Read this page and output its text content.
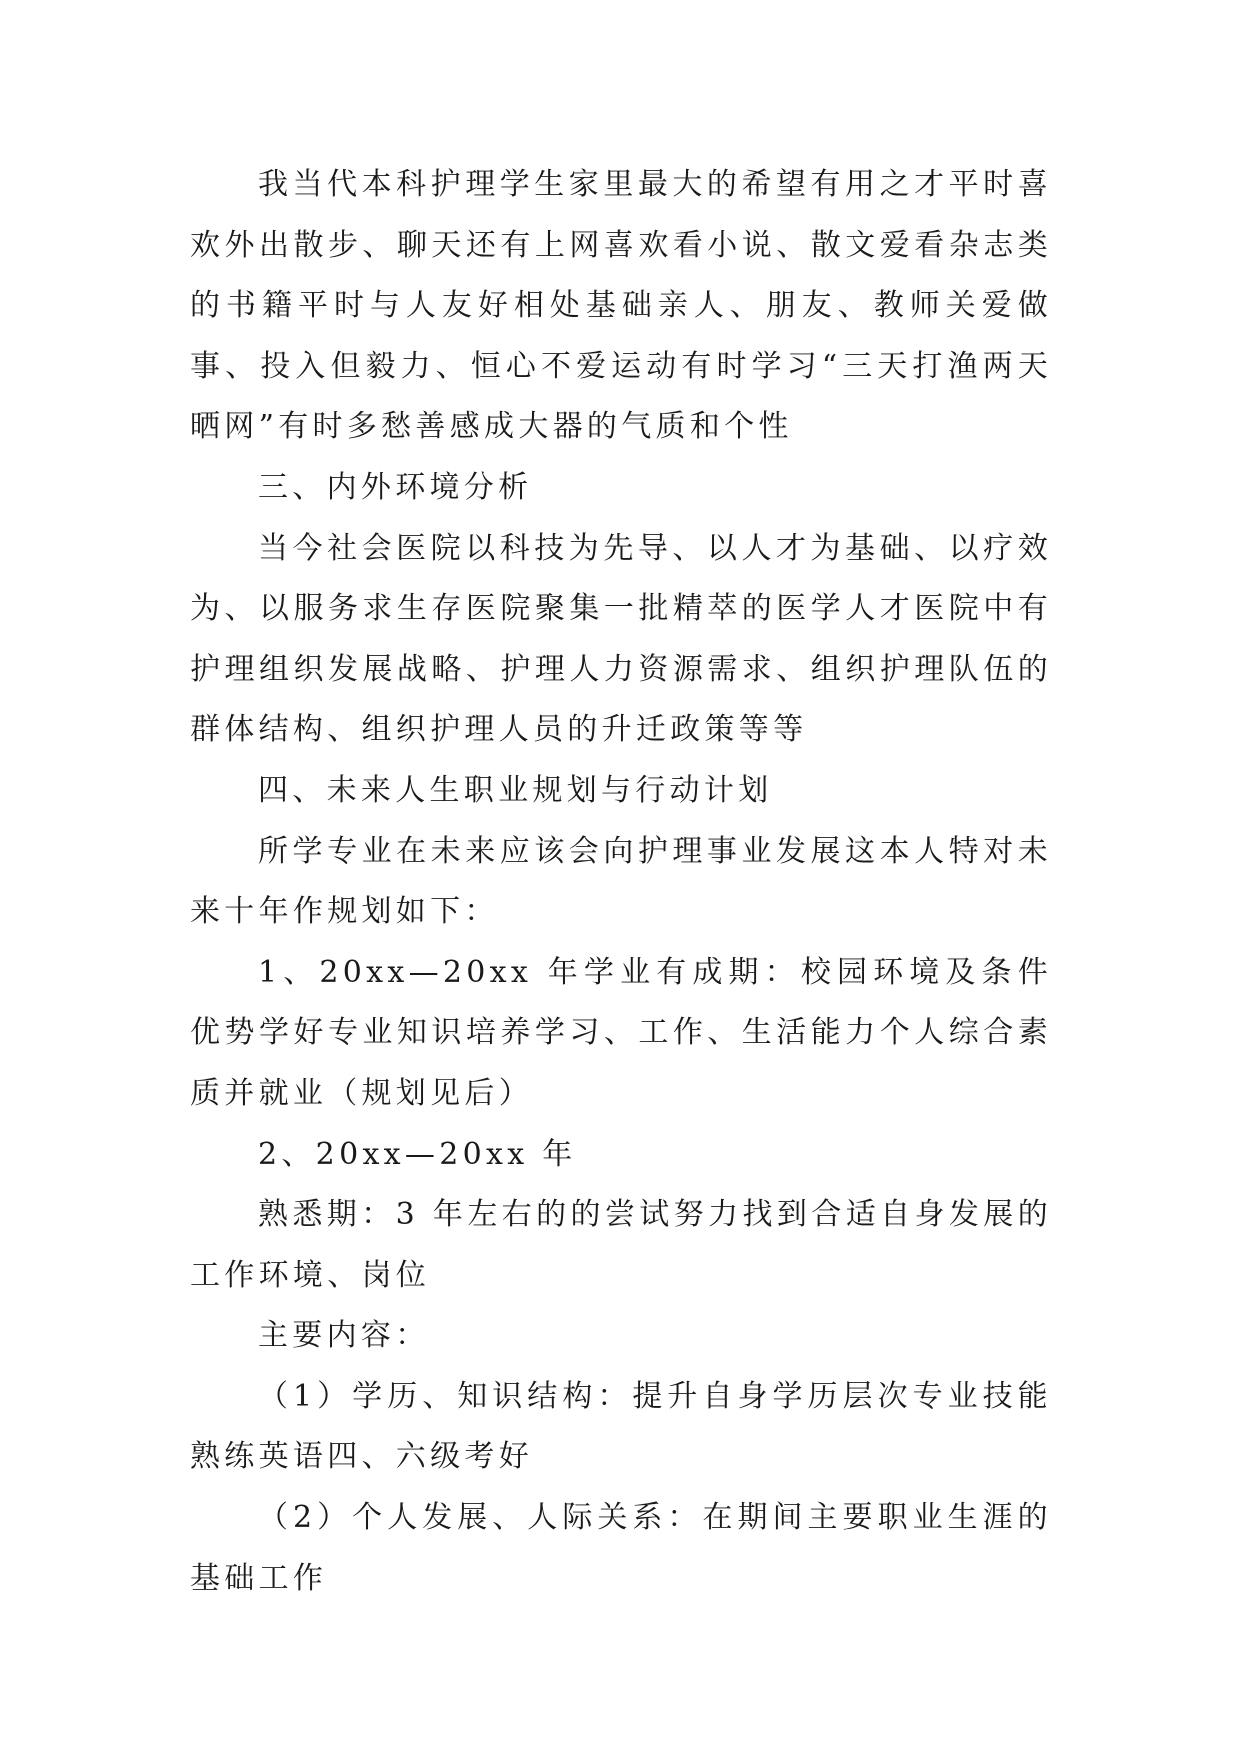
我当代本科护理学生家里最大的希望有用之才平时喜欢外出散步、聊天还有上网喜欢看小说、散文爱看杂志类的书籍平时与人友好相处基础亲人、朋友、教师关爱做事、投入但毅力、恒心不爱运动有时学习“三天打渔两天晒网”有时多愁善感成大器的气质和个性

三、内外环境分析

当今社会医院以科技为先导、以人才为基础、以疗效为、以服务求生存医院聚集一批精萃的医学人才医院中有护理组织发展战略、护理人力资源需求、组织护理队伍的群体结构、组织护理人员的升迁政策等等

四、未来人生职业规划与行动计划

所学专业在未来应该会向护理事业发展这本人特对未来十年作规划如下：

1、20xx—20xx 年学业有成期：校园环境及条件优势学好专业知识培养学习、工作、生活能力个人综合素质并就业（规划见后）

2、20xx—20xx 年

熟悉期：3 年左右的的尝试努力找到合适自身发展的工作环境、岗位

主要内容：

（1）学历、知识结构：提升自身学历层次专业技能熟练英语四、六级考好

（2）个人发展、人际关系：在期间主要职业生涯的基础工作
